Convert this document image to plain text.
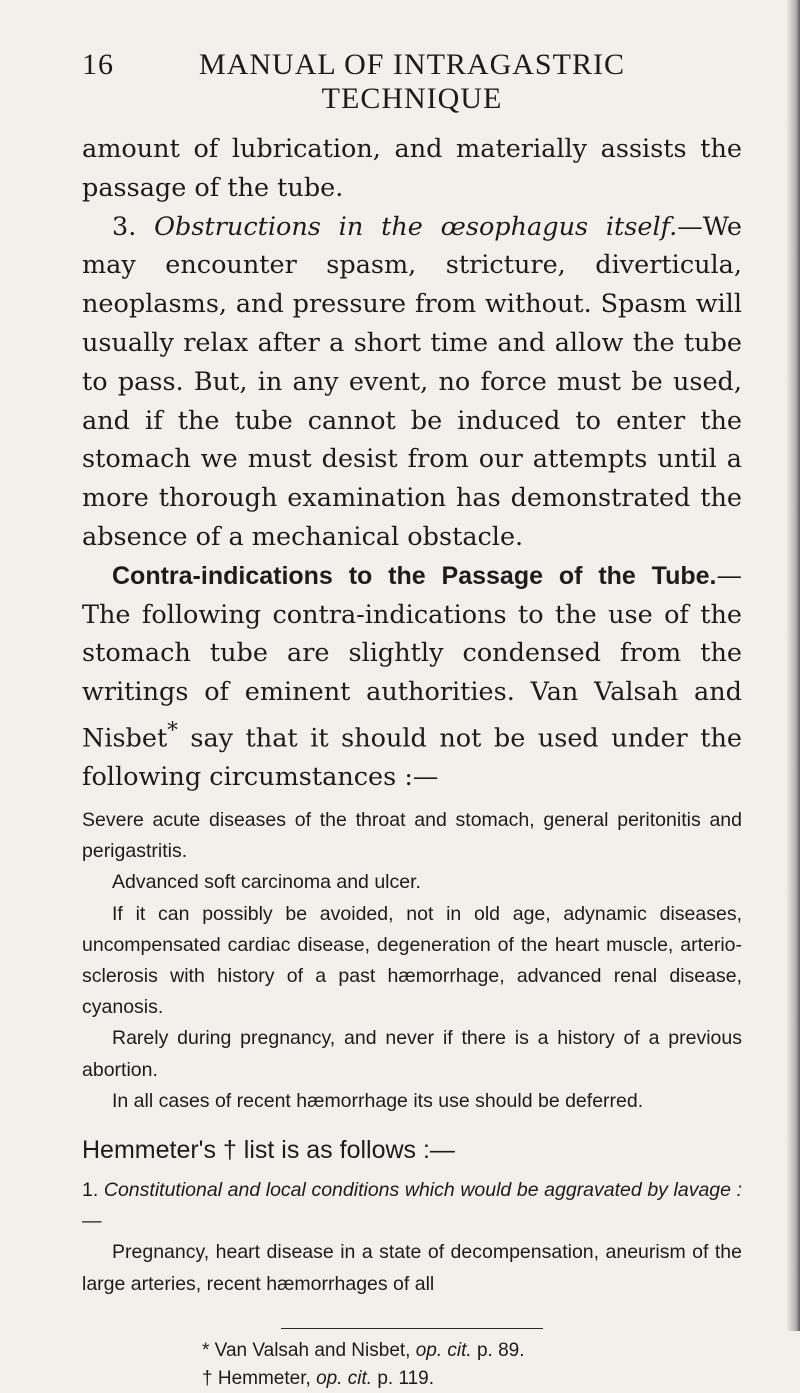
16	MANUAL OF INTRAGASTRIC TECHNIQUE

amount of lubrication, and materially assists the passage of the tube.

3. Obstructions in the œsophagus itself.—We may encounter spasm, stricture, diverticula, neoplasms, and pressure from without. Spasm will usually relax after a short time and allow the tube to pass. But, in any event, no force must be used, and if the tube cannot be induced to enter the stomach we must desist from our attempts until a more thorough examination has demonstrated the absence of a mechanical obstacle.

Contra-indications to the Passage of the Tube.— The following contra-indications to the use of the stomach tube are slightly condensed from the writings of eminent authorities. Van Valsah and Nisbet* say that it should not be used under the following circumstances :—

Severe acute diseases of the throat and stomach, general peritonitis and perigastritis.

Advanced soft carcinoma and ulcer.

If it can possibly be avoided, not in old age, adynamic diseases, uncompensated cardiac disease, degeneration of the heart muscle, arterio-sclerosis with history of a past hæmorrhage, advanced renal disease, cyanosis.

Rarely during pregnancy, and never if there is a history of a previous abortion.

In all cases of recent hæmorrhage its use should be deferred.

Hemmeter's † list is as follows :—

1. Constitutional and local conditions which would be aggravated by lavage :—

Pregnancy, heart disease in a state of decompensation, aneurism of the large arteries, recent hæmorrhages of all

* Van Valsah and Nisbet, op. cit. p. 89.

† Hemmeter, op. cit. p. 119.
